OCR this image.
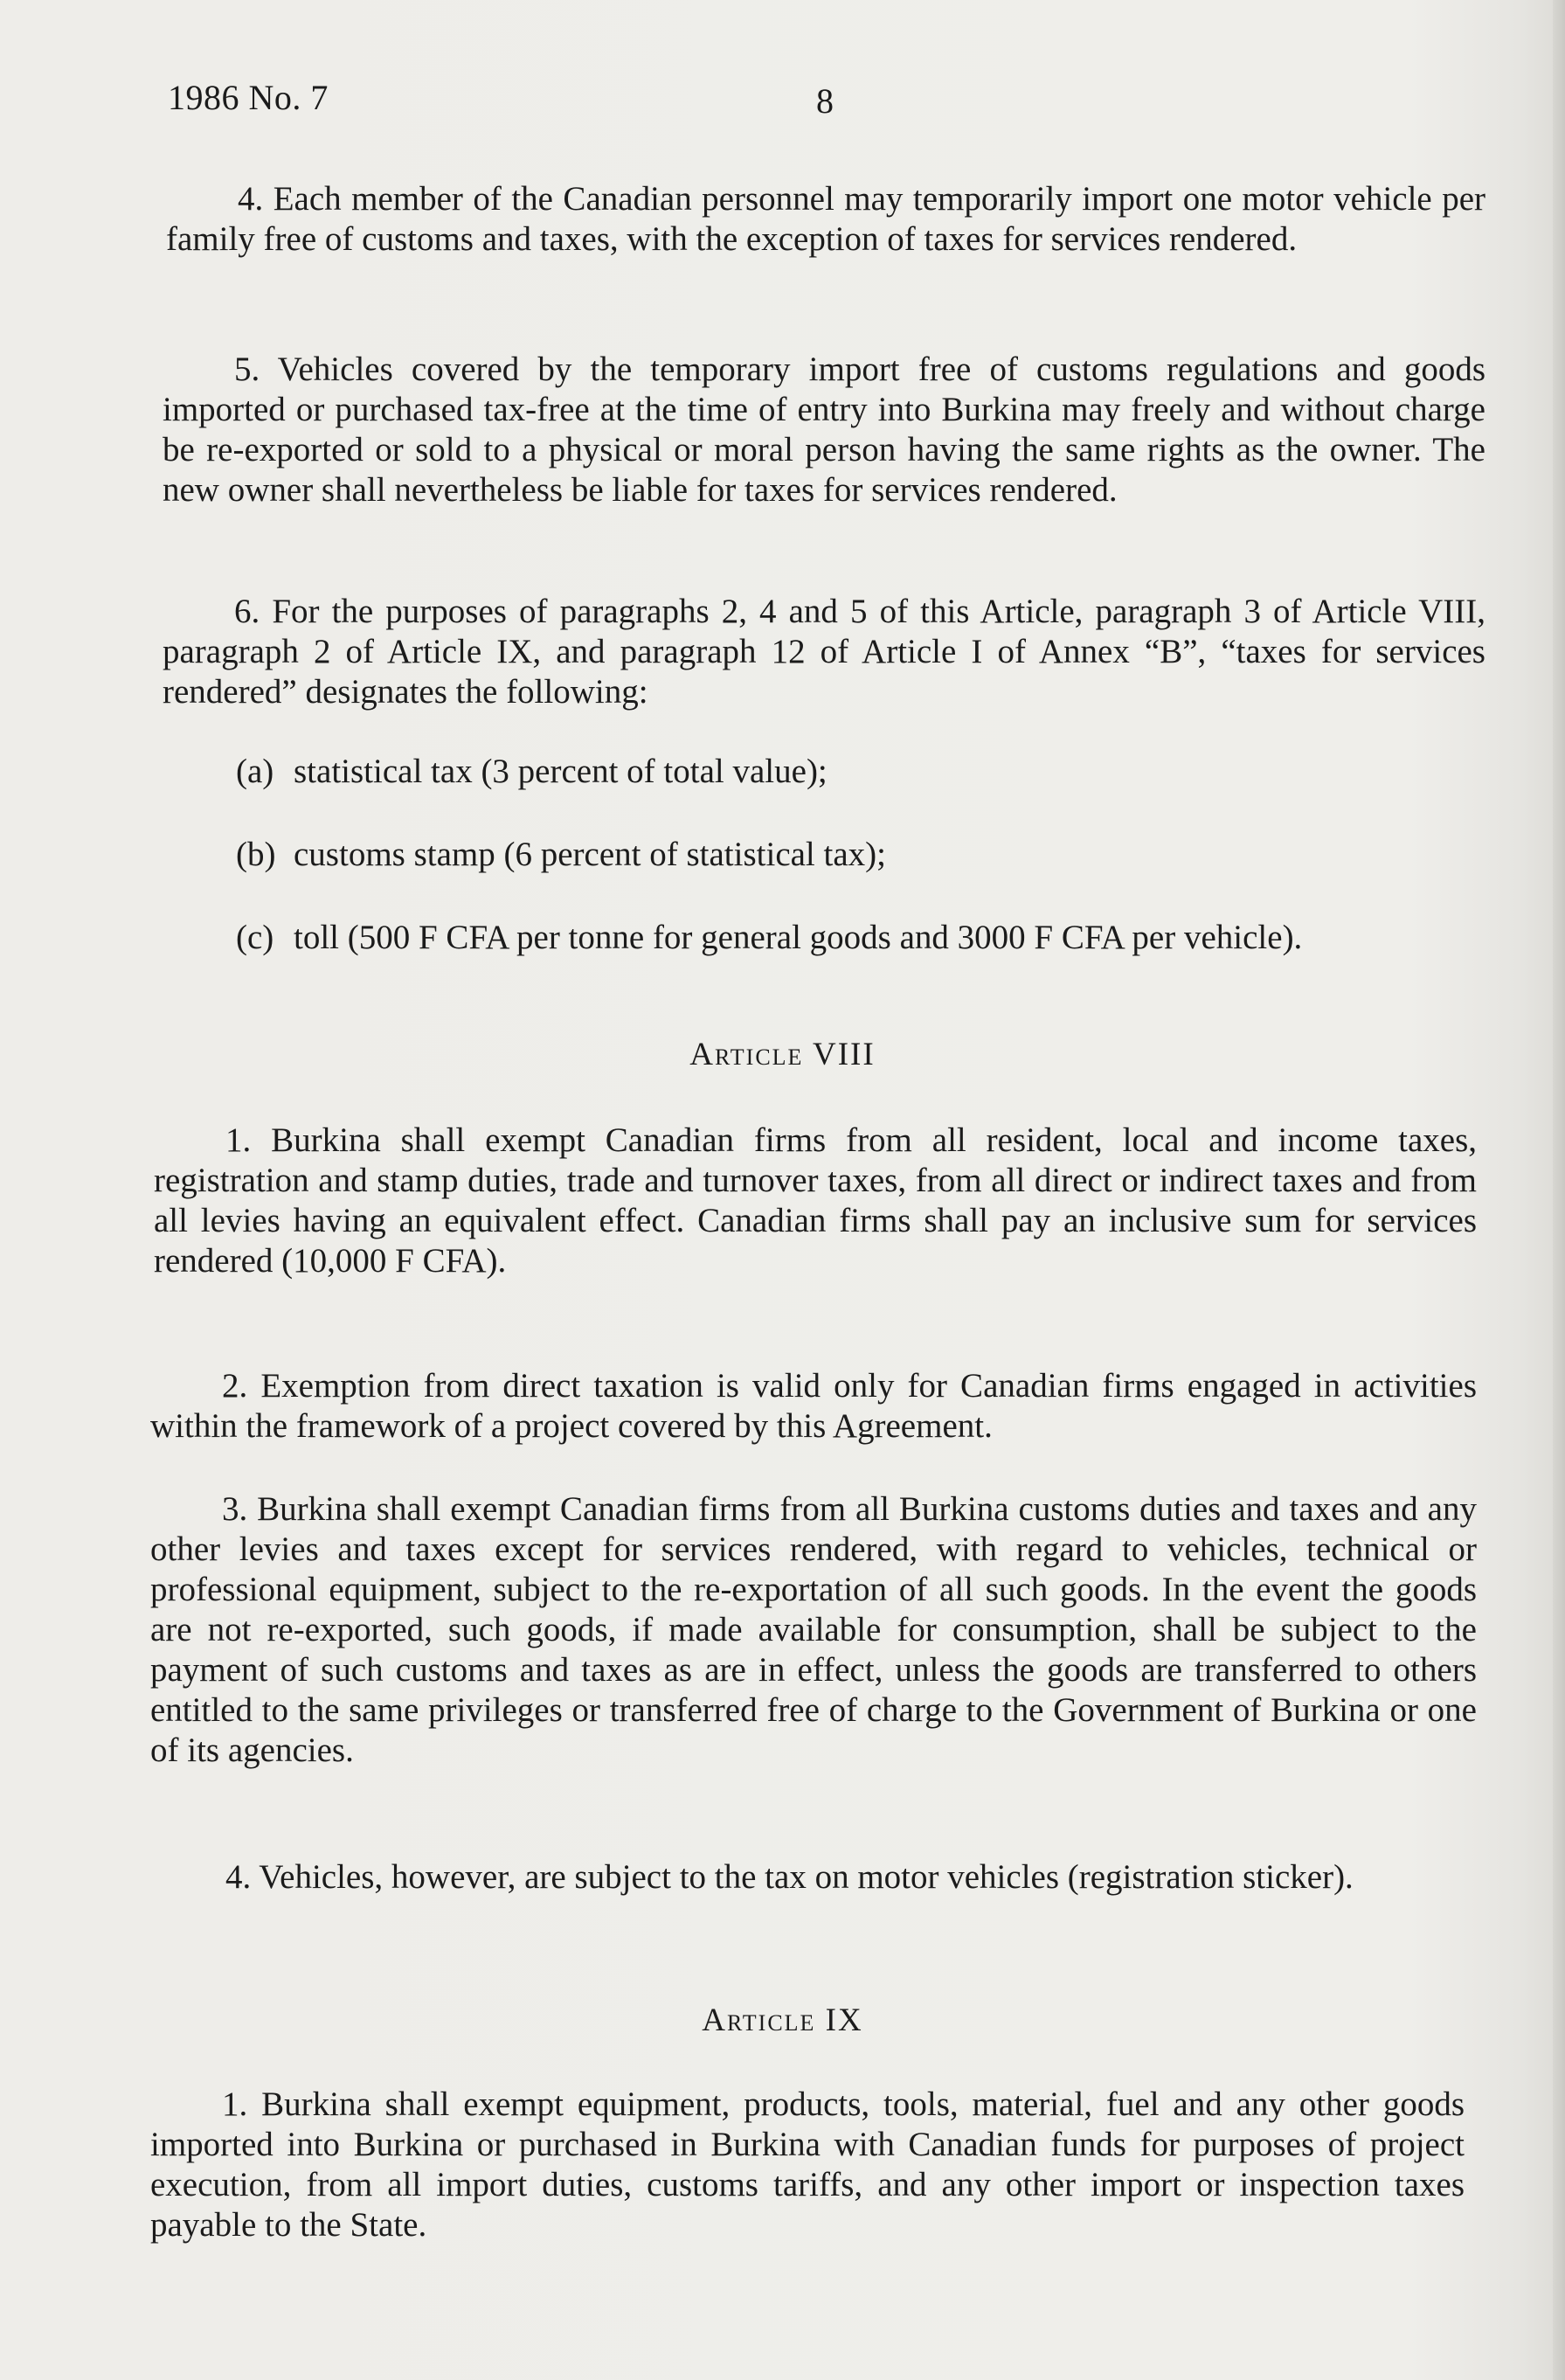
1986 No. 7	8

4. Each member of the Canadian personnel may temporarily import one motor vehicle per family free of customs and taxes, with the exception of taxes for services rendered.

5. Vehicles covered by the temporary import free of customs regulations and goods imported or purchased tax-free at the time of entry into Burkina may freely and without charge be re-exported or sold to a physical or moral person having the same rights as the owner. The new owner shall nevertheless be liable for taxes for services rendered.

6. For the purposes of paragraphs 2, 4 and 5 of this Article, paragraph 3 of Article VIII, paragraph 2 of Article IX, and paragraph 12 of Article I of Annex “B”, “taxes for services rendered” designates the following:

(a) statistical tax (3 percent of total value);
(b) customs stamp (6 percent of statistical tax);
(c) toll (500 F CFA per tonne for general goods and 3000 F CFA per vehicle).
Article VIII

1. Burkina shall exempt Canadian firms from all resident, local and income taxes, registration and stamp duties, trade and turnover taxes, from all direct or indirect taxes and from all levies having an equivalent effect. Canadian firms shall pay an inclusive sum for services rendered (10,000 F CFA).

2. Exemption from direct taxation is valid only for Canadian firms engaged in activities within the framework of a project covered by this Agreement.

3. Burkina shall exempt Canadian firms from all Burkina customs duties and taxes and any other levies and taxes except for services rendered, with regard to vehicles, technical or professional equipment, subject to the re-exportation of all such goods. In the event the goods are not re-exported, such goods, if made available for consumption, shall be subject to the payment of such customs and taxes as are in effect, unless the goods are transferred to others entitled to the same privileges or transferred free of charge to the Government of Burkina or one of its agencies.

4. Vehicles, however, are subject to the tax on motor vehicles (registration sticker).

Article IX

1. Burkina shall exempt equipment, products, tools, material, fuel and any other goods imported into Burkina or purchased in Burkina with Canadian funds for purposes of project execution, from all import duties, customs tariffs, and any other import or inspection taxes payable to the State.
